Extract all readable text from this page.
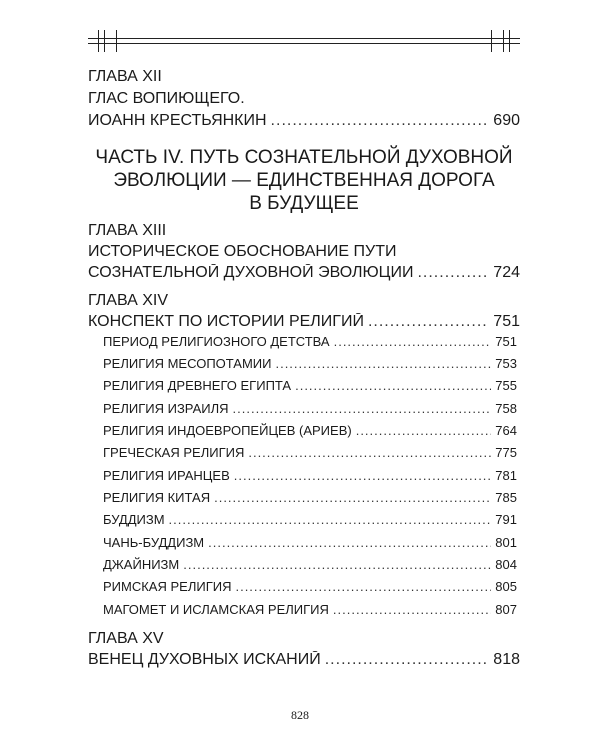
ГЛАВА XII
ГЛАС ВОПИЮЩЕГО.
ИОАНН КРЕСТЬЯНКИН .....	690
ЧАСТЬ IV. ПУТЬ СОЗНАТЕЛЬНОЙ ДУХОВНОЙ
ЭВОЛЮЦИИ — ЕДИНСТВЕННАЯ ДОРОГА
В БУДУЩЕЕ
ГЛАВА XIII
ИСТОРИЧЕСКОЕ ОБОСНОВАНИЕ ПУТИ
СОЗНАТЕЛЬНОЙ ДУХОВНОЙ ЭВОЛЮЦИИ .....	724
ГЛАВА XIV
КОНСПЕКТ ПО ИСТОРИИ РЕЛИГИЙ .....	751
ПЕРИОД РЕЛИГИОЗНОГО ДЕТСТВА .....	751
РЕЛИГИЯ МЕСОПОТАМИИ .....	753
РЕЛИГИЯ ДРЕВНЕГО ЕГИПТА .....	755
РЕЛИГИЯ ИЗРАИЛЯ .....	758
РЕЛИГИЯ ИНДОЕВРОПЕЙЦЕВ (АРИЕВ) .....	764
ГРЕЧЕСКАЯ РЕЛИГИЯ .....	775
РЕЛИГИЯ ИРАНЦЕВ .....	781
РЕЛИГИЯ КИТАЯ .....	785
БУДДИЗМ .....	791
ЧАНЬ-БУДДИЗМ .....	801
ДЖАЙНИЗМ .....	804
РИМСКАЯ РЕЛИГИЯ .....	805
МАГОМЕТ И ИСЛАМСКАЯ РЕЛИГИЯ .....	807
ГЛАВА XV
ВЕНЕЦ ДУХОВНЫХ ИСКАНИЙ .....	818
828
